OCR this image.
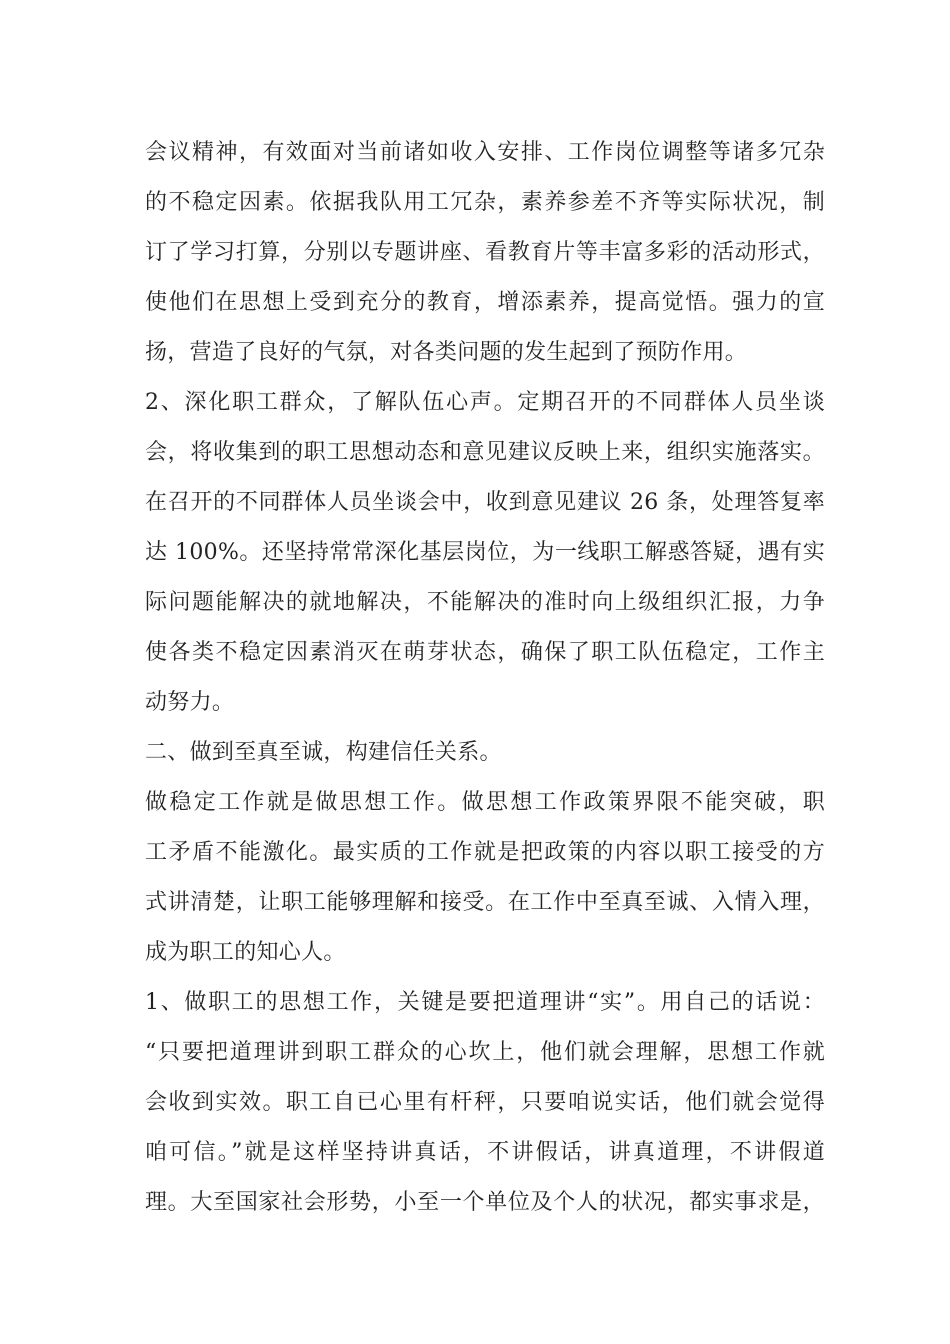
会议精神，有效面对当前诸如收入安排、工作岗位调整等诸多冗杂
的不稳定因素。依据我队用工冗杂，素养参差不齐等实际状况，制
订了学习打算，分别以专题讲座、看教育片等丰富多彩的活动形式，
使他们在思想上受到充分的教育，增添素养，提高觉悟。强力的宣
扬，营造了良好的气氛，对各类问题的发生起到了预防作用。
2、深化职工群众，了解队伍心声。定期召开的不同群体人员坐谈
会，将收集到的职工思想动态和意见建议反映上来，组织实施落实。
在召开的不同群体人员坐谈会中，收到意见建议 26 条，处理答复率
达 100%。还坚持常常深化基层岗位，为一线职工解惑答疑，遇有实
际问题能解决的就地解决，不能解决的准时向上级组织汇报，力争
使各类不稳定因素消灭在萌芽状态，确保了职工队伍稳定，工作主
动努力。
二、做到至真至诚，构建信任关系。
做稳定工作就是做思想工作。做思想工作政策界限不能突破，职
工矛盾不能激化。最实质的工作就是把政策的内容以职工接受的方
式讲清楚，让职工能够理解和接受。在工作中至真至诚、入情入理，
成为职工的知心人。
1、做职工的思想工作，关键是要把道理讲“实”。用自己的话说：
“只要把道理讲到职工群众的心坎上，他们就会理解，思想工作就
会收到实效。职工自已心里有杆秤，只要咱说实话，他们就会觉得
咱可信。”就是这样坚持讲真话，不讲假话，讲真道理，不讲假道
理。大至国家社会形势，小至一个单位及个人的状况，都实事求是，
